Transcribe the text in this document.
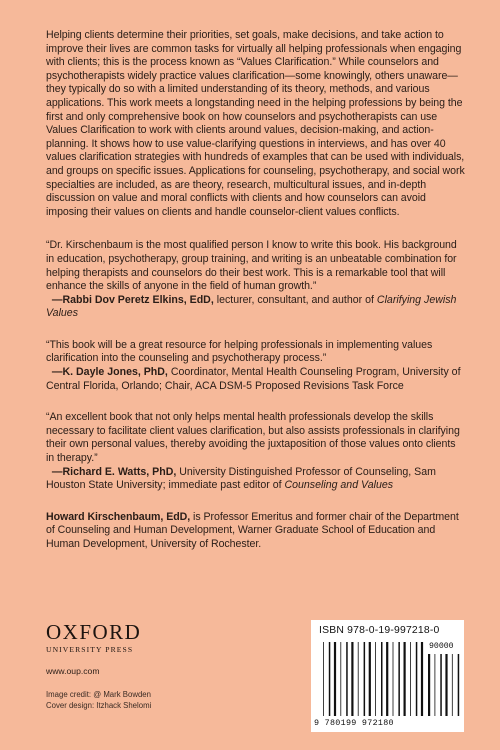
Helping clients determine their priorities, set goals, make decisions, and take action to improve their lives are common tasks for virtually all helping professionals when engaging with clients; this is the process known as “Values Clarification.” While counselors and psychotherapists widely practice values clarification—some knowingly, others unaware—they typically do so with a limited understanding of its theory, methods, and various applications. This work meets a longstanding need in the helping professions by being the first and only comprehensive book on how counselors and psychotherapists can use Values Clarification to work with clients around values, decision-making, and action-planning. It shows how to use value-clarifying questions in interviews, and has over 40 values clarification strategies with hundreds of examples that can be used with individuals, and groups on specific issues. Applications for counseling, psychotherapy, and social work specialties are included, as are theory, research, multicultural issues, and in-depth discussion on value and moral conflicts with clients and how counselors can avoid imposing their values on clients and handle counselor-client values conflicts.

“Dr. Kirschenbaum is the most qualified person I know to write this book. His background in education, psychotherapy, group training, and writing is an unbeatable combination for helping therapists and counselors do their best work. This is a remarkable tool that will enhance the skills of anyone in the field of human growth.”

—Rabbi Dov Peretz Elkins, EdD, lecturer, consultant, and author of Clarifying Jewish Values

“This book will be a great resource for helping professionals in implementing values clarification into the counseling and psychotherapy process.”

—K. Dayle Jones, PhD, Coordinator, Mental Health Counseling Program, University of Central Florida, Orlando; Chair, ACA DSM-5 Proposed Revisions Task Force

“An excellent book that not only helps mental health professionals develop the skills necessary to facilitate client values clarification, but also assists professionals in clarifying their own personal values, thereby avoiding the juxtaposition of those values onto clients in therapy.”

—Richard E. Watts, PhD, University Distinguished Professor of Counseling, Sam Houston State University; immediate past editor of Counseling and Values

Howard Kirschenbaum, EdD, is Professor Emeritus and former chair of the Department of Counseling and Human Development, Warner Graduate School of Education and Human Development, University of Rochester.

OXFORD

UNIVERSITY PRESS

www.oup.com

Image credit: @ Mark Bowden

Cover design: Itzhack Shelomi

ISBN 978-0-19-997218-0
90000
9 780199 972180
